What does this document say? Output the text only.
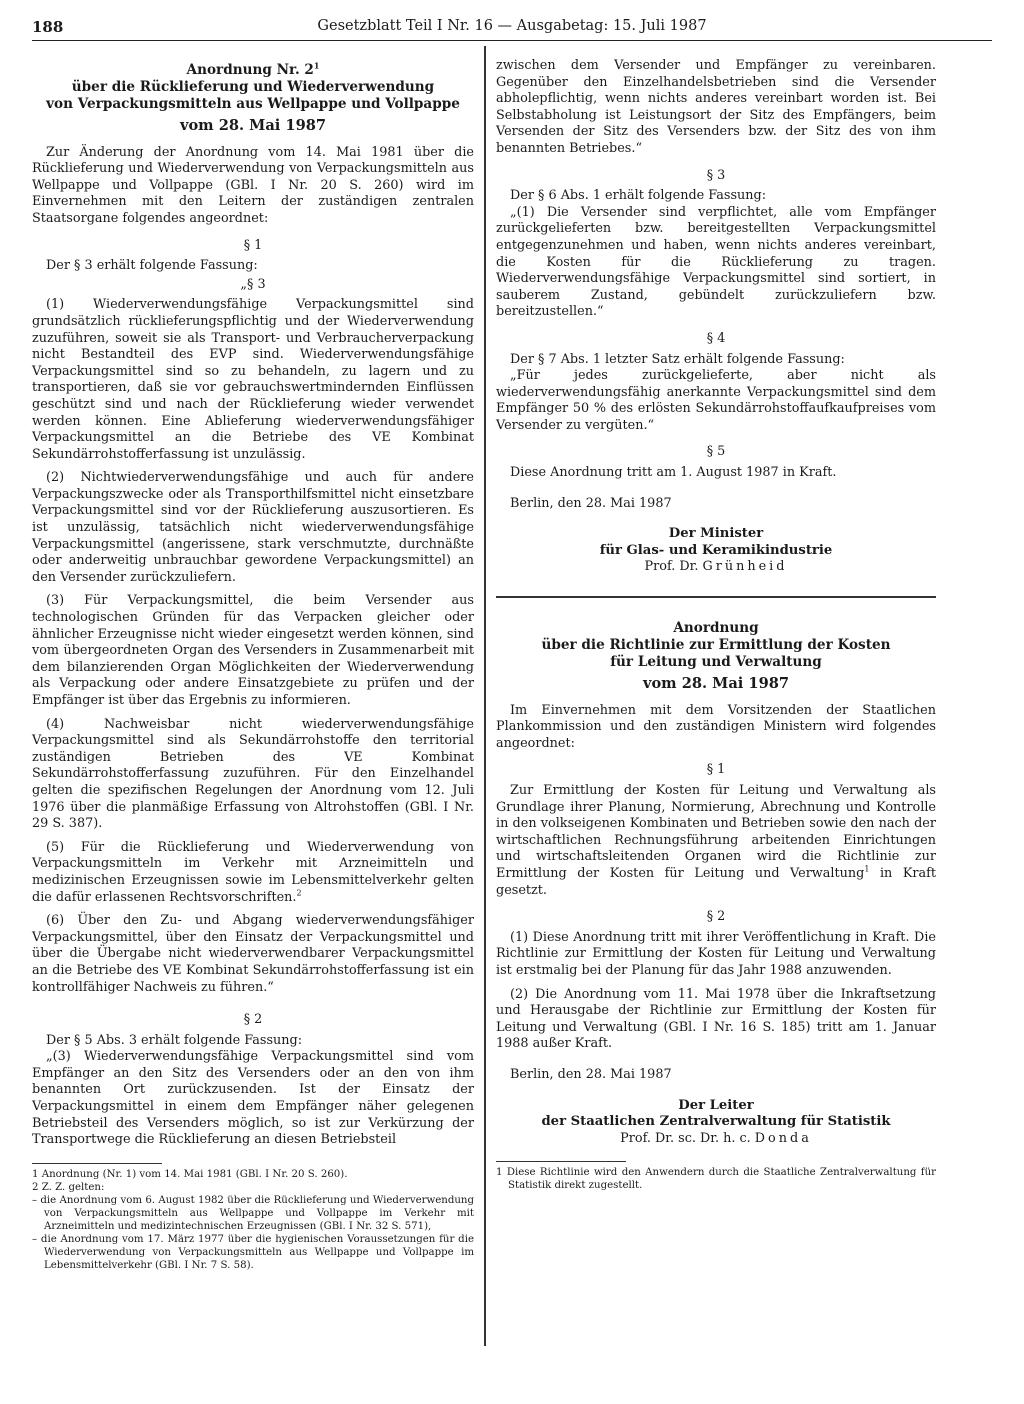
188	Gesetzblatt Teil I Nr. 16 — Ausgabetag: 15. Juli 1987
Anordnung Nr. $2^1$
über die Rücklieferung und Wiederverwendung
von Verpackungsmitteln aus Wellpappe und Vollpappe
vom 28. Mai 1987

Zur Änderung der Anordnung vom 14. Mai 1981 über die Rücklieferung und Wiederverwendung von Verpackungsmitteln aus Wellpappe und Vollpappe (GBl. I Nr. 20 S. 260) wird im Einvernehmen mit den Leitern der zuständigen zentralen Staatsorgane folgendes angeordnet:

§ 1

Der § 3 erhält folgende Fassung:

„§ 3

(1) Wiederverwendungsfähige Verpackungsmittel sind grundsätzlich rücklieferungspflichtig und der Wiederverwendung zuzuführen, soweit sie als Transport- und Verbraucherverpackung nicht Bestandteil des EVP sind. Wiederverwendungsfähige Verpackungsmittel sind so zu behandeln, zu lagern und zu transportieren, daß sie vor gebrauchswertmindernden Einflüssen geschützt sind und nach der Rücklieferung wieder verwendet werden können. Eine Ablieferung wiederverwendungsfähiger Verpackungsmittel an die Betriebe des VE Kombinat Sekundärrohstofferfassung ist unzulässig.

(2) Nichtwiederverwendungsfähige und auch für andere Verpackungszwecke oder als Transporthilfsmittel nicht einsetzbare Verpackungsmittel sind vor der Rücklieferung auszusortieren. Es ist unzulässig, tatsächlich nicht wiederverwendungsfähige Verpackungsmittel (angerissene, stark verschmutzte, durchnäßte oder anderweitig unbrauchbar gewordene Verpackungsmittel) an den Versender zurückzuliefern.

(3) Für Verpackungsmittel, die beim Versender aus technologischen Gründen für das Verpacken gleicher oder ähnlicher Erzeugnisse nicht wieder eingesetzt werden können, sind vom übergeordneten Organ des Versenders in Zusammenarbeit mit dem bilanzierenden Organ Möglichkeiten der Wiederverwendung als Verpackung oder andere Einsatzgebiete zu prüfen und der Empfänger ist über das Ergebnis zu informieren.

(4) Nachweisbar nicht wiederverwendungsfähige Verpackungsmittel sind als Sekundärrohstoffe den territorial zuständigen Betrieben des VE Kombinat Sekundärrohstofferfassung zuzuführen. Für den Einzelhandel gelten die spezifischen Regelungen der Anordnung vom 12. Juli 1976 über die planmäßige Erfassung von Altrohstoffen (GBl. I Nr. 29 S. 387).

(5) Für die Rücklieferung und Wiederverwendung von Verpackungsmitteln im Verkehr mit Arzneimitteln und medizinischen Erzeugnissen sowie im Lebensmittelverkehr gelten die dafür erlassenen Rechtsvorschriften.$^2$

(6) Über den Zu- und Abgang wiederverwendungsfähiger Verpackungsmittel, über den Einsatz der Verpackungsmittel und über die Übergabe nicht wiederverwendbarer Verpackungsmittel an die Betriebe des VE Kombinat Sekundärrohstofferfassung ist ein kontrollfähiger Nachweis zu führen.“

§ 2

Der § 5 Abs. 3 erhält folgende Fassung:

„(3) Wiederverwendungsfähige Verpackungsmittel sind vom Empfänger an den Sitz des Versenders oder an den von ihm benannten Ort zurückzusenden. Ist der Einsatz der Verpackungsmittel in einem dem Empfänger näher gelegenen Betriebsteil des Versenders möglich, so ist zur Verkürzung der Transportwege die Rücklieferung an diesen Betriebsteil

1 Anordnung (Nr. 1) vom 14. Mai 1981 (GBl. I Nr. 20 S. 260).
2 Z. Z. gelten:
– die Anordnung vom 6. August 1982 über die Rücklieferung und Wiederverwendung von Verpackungsmitteln aus Wellpappe und Vollpappe im Verkehr mit Arzneimitteln und medizintechnischen Erzeugnissen (GBl. I Nr. 32 S. 571),
– die Anordnung vom 17. März 1977 über die hygienischen Voraussetzungen für die Wiederverwendung von Verpackungsmitteln aus Wellpappe und Vollpappe im Lebensmittelverkehr (GBl. I Nr. 7 S. 58).

zwischen dem Versender und Empfänger zu vereinbaren. Gegenüber den Einzelhandelsbetrieben sind die Versender abholepflichtig, wenn nichts anderes vereinbart worden ist. Bei Selbstabholung ist Leistungsort der Sitz des Empfängers, beim Versenden der Sitz des Versenders bzw. der Sitz des von ihm benannten Betriebes.“

§ 3

Der § 6 Abs. 1 erhält folgende Fassung:

„(1) Die Versender sind verpflichtet, alle vom Empfänger zurückgelieferten bzw. bereitgestellten Verpackungsmittel entgegenzunehmen und haben, wenn nichts anderes vereinbart, die Kosten für die Rücklieferung zu tragen. Wiederverwendungsfähige Verpackungsmittel sind sortiert, in sauberem Zustand, gebündelt zurückzuliefern bzw. bereitzustellen.“

§ 4

Der § 7 Abs. 1 letzter Satz erhält folgende Fassung:

„Für jedes zurückgelieferte, aber nicht als wiederverwendungsfähig anerkannte Verpackungsmittel sind dem Empfänger 50 % des erlösten Sekundärrohstoffaufkaufpreises vom Versender zu vergüten.“

§ 5

Diese Anordnung tritt am 1. August 1987 in Kraft.

Berlin, den 28. Mai 1987

Der Minister
für Glas- und Keramikindustrie
Prof. Dr. Grünheid
Anordnung
über die Richtlinie zur Ermittlung der Kosten
für Leitung und Verwaltung
vom 28. Mai 1987

Im Einvernehmen mit dem Vorsitzenden der Staatlichen Plankommission und den zuständigen Ministern wird folgendes angeordnet:

§ 1

Zur Ermittlung der Kosten für Leitung und Verwaltung als Grundlage ihrer Planung, Normierung, Abrechnung und Kontrolle in den volkseigenen Kombinaten und Betrieben sowie den nach der wirtschaftlichen Rechnungsführung arbeitenden Einrichtungen und wirtschaftsleitenden Organen wird die Richtlinie zur Ermittlung der Kosten für Leitung und Verwaltung$^1$ in Kraft gesetzt.

§ 2

(1) Diese Anordnung tritt mit ihrer Veröffentlichung in Kraft. Die Richtlinie zur Ermittlung der Kosten für Leitung und Verwaltung ist erstmalig bei der Planung für das Jahr 1988 anzuwenden.

(2) Die Anordnung vom 11. Mai 1978 über die Inkraftsetzung und Herausgabe der Richtlinie zur Ermittlung der Kosten für Leitung und Verwaltung (GBl. I Nr. 16 S. 185) tritt am 1. Januar 1988 außer Kraft.

Berlin, den 28. Mai 1987

Der Leiter
der Staatlichen Zentralverwaltung für Statistik
Prof. Dr. sc. Dr. h. c. Donda
1 Diese Richtlinie wird den Anwendern durch die Staatliche Zentralverwaltung für Statistik direkt zugestellt.
